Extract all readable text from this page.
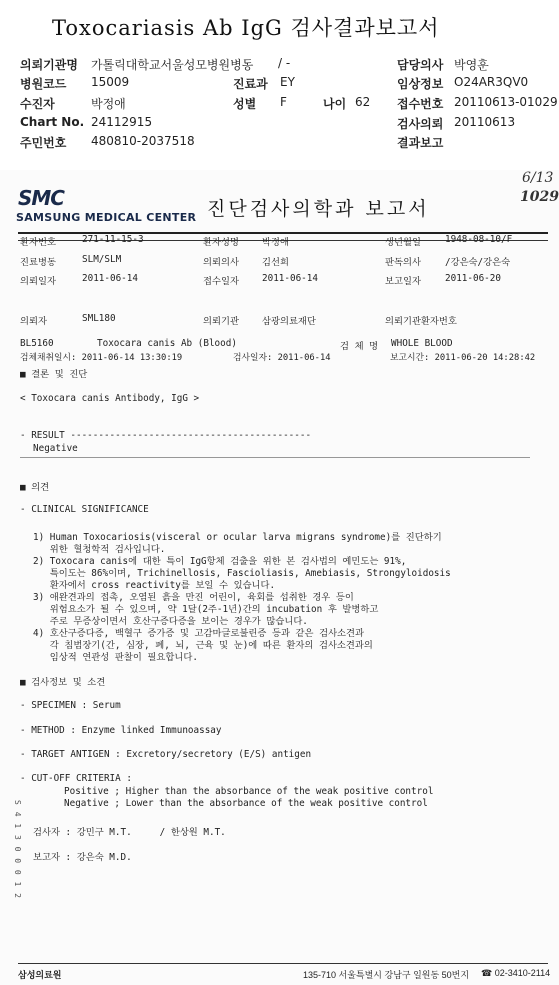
Toxocariasis Ab IgG 검사결과보고서
의뢰기관명 가톨릭대학교서울성모병원병동 / -	담당의사 박영훈
병원코드 15009	진료과 EY	임상정보 O24AR3QV0
수진자	박정애	성별 F	나이 62 접수번호 20110613-01029
Chart No. 24112915	검사의뢰 20110613
주민번호 480810-2037518	결과보고
SMC
SAMSUNG MEDICAL CENTER 진단검사의학과 보고서
6/13
1029
환자번호	271-11-15-3	환자성명 박정애	생년월일	1948-08-10/F
진료병동	SLM/SLM	의뢰의사 김선희	판독의사	/강은숙/강은숙
의뢰일자	2011-06-14	접수일자 2011-06-14	보고일자	2011-06-20
의뢰자	SML180	의뢰기관 삼광의료재단	의뢰기관환자번호
BL5160	Toxocara canis Ab (Blood)	검 체 명 WHOLE BLOOD
검체채취일시: 2011-06-14 13:30:19	검사일자: 2011-06-14	보고시간: 2011-06-20 14:28:42
■ 결론 및 진단
< Toxocara canis Antibody, IgG >
- RESULT -------------------------------------------
Negative
■ 의견
- CLINICAL SIGNIFICANCE
1) Human Toxocariosis(visceral or ocular larva migrans syndrome)를 진단하기
위한 혈청학적 검사입니다.
2) Toxocara canis에 대한 특이 IgG항체 검출을 위한 본 검사법의 예민도는 91%,
특이도는 86%이며, Trichinellosis, Fascioliasis, Amebiasis, Strongyloidosis
환자에서 cross reactivity를 보일 수 있습니다.
3) 애완견과의 접촉, 오염된 흙을 만진 어린이, 육회를 섭취한 경우 등이
위험요소가 될 수 있으며, 약 1달(2주-1년)간의 incubation 후 발병하고
주로 무증상이면서 호산구증다증을 보이는 경우가 많습니다.
4) 호산구증다증, 백혈구 증가증 및 고감마글로불린증 등과 같은 검사소견과
각 침범장기(간, 심장, 폐, 뇌, 근육 및 눈)에 따른 환자의 검사소견과의
임상적 연관성 판찰이 필요합니다.
■ 검사정보 및 소견
- SPECIMEN : Serum
- METHOD : Enzyme linked Immunoassay
- TARGET ANTIGEN : Excretory/secretory (E/S) antigen
- CUT-OFF CRITERIA :
Positive ; Higher than the absorbance of the weak positive control
Negative ; Lower than the absorbance of the weak positive control
검사자 : 강민구 M.T.     / 한상원 M.T.
보고자 : 강은숙 M.D.
S 4 1 3 0 0 0 1 2
삼성의료원	135-710 서울특별시 강남구 일원동 50번지 ☎ 02-3410-2114
